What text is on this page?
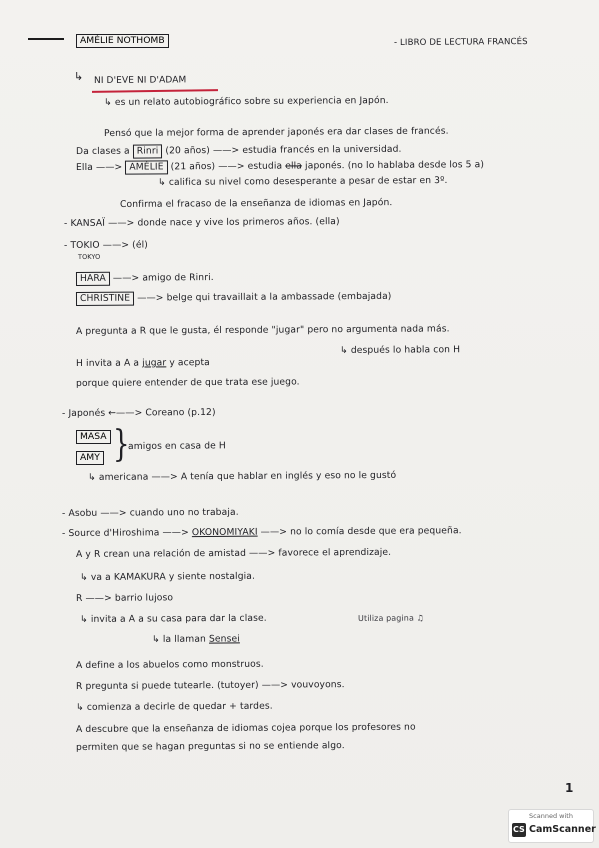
AMÉLIE NOTHOMB	- LIBRO DE LECTURA FRANCÉS
↳ NI D'EVE NI D'ADAM
↳ es un relato autobiográfico sobre su experiencia en Japón.
Pensó que la mejor forma de aprender japonés era dar clases de francés.
Da clases a Rinri (20 años) ——> estudia francés en la universidad.
Ella ——> AMÉLIE (21 años) ——> estudia ella japonés. (no lo hablaba desde los 5 a)
↳ califica su nivel como desesperante a pesar de estar en 3º.
Confirma el fracaso de la enseñanza de idiomas en Japón.
- KANSAÏ ——> donde nace y vive los primeros años. (ella)
- TOKIO ——> (él)
TOKYO
HARA ——> amigo de Rinri.
CHRISTINE ——> belge qui travaillait a la ambassade (embajada)
A pregunta a R que le gusta, él responde "jugar" pero no argumenta nada más.
↳ después lo habla con H
H invita a A a jugar y acepta
porque quiere entender de que trata ese juego.
- Japonés ←——> Coreano (p.12)
MASA }
amigos en casa de H
AMY
↳ americana ——> A tenía que hablar en inglés y eso no le gustó
- Asobu ——> cuando uno no trabaja.
- Source d'Hiroshima ——> OKONOMIYAKI ——> no lo comía desde que era pequeña.
A y R crean una relación de amistad ——> favorece el aprendizaje.
↳ va a KAMAKURA y siente nostalgia.
R ——> barrio lujoso
↳ invita a A a su casa para dar la clase.	Utiliza pagina ♫
↳ la llaman Sensei
A define a los abuelos como monstruos.
R pregunta si puede tutearle. (tutoyer) ——> vouvoyons.
↳ comienza a decirle de quedar + tardes.
A descubre que la enseñanza de idiomas cojea porque los profesores no
permiten que se hagan preguntas si no se entiende algo.
1
Scanned with
CS CamScanner
